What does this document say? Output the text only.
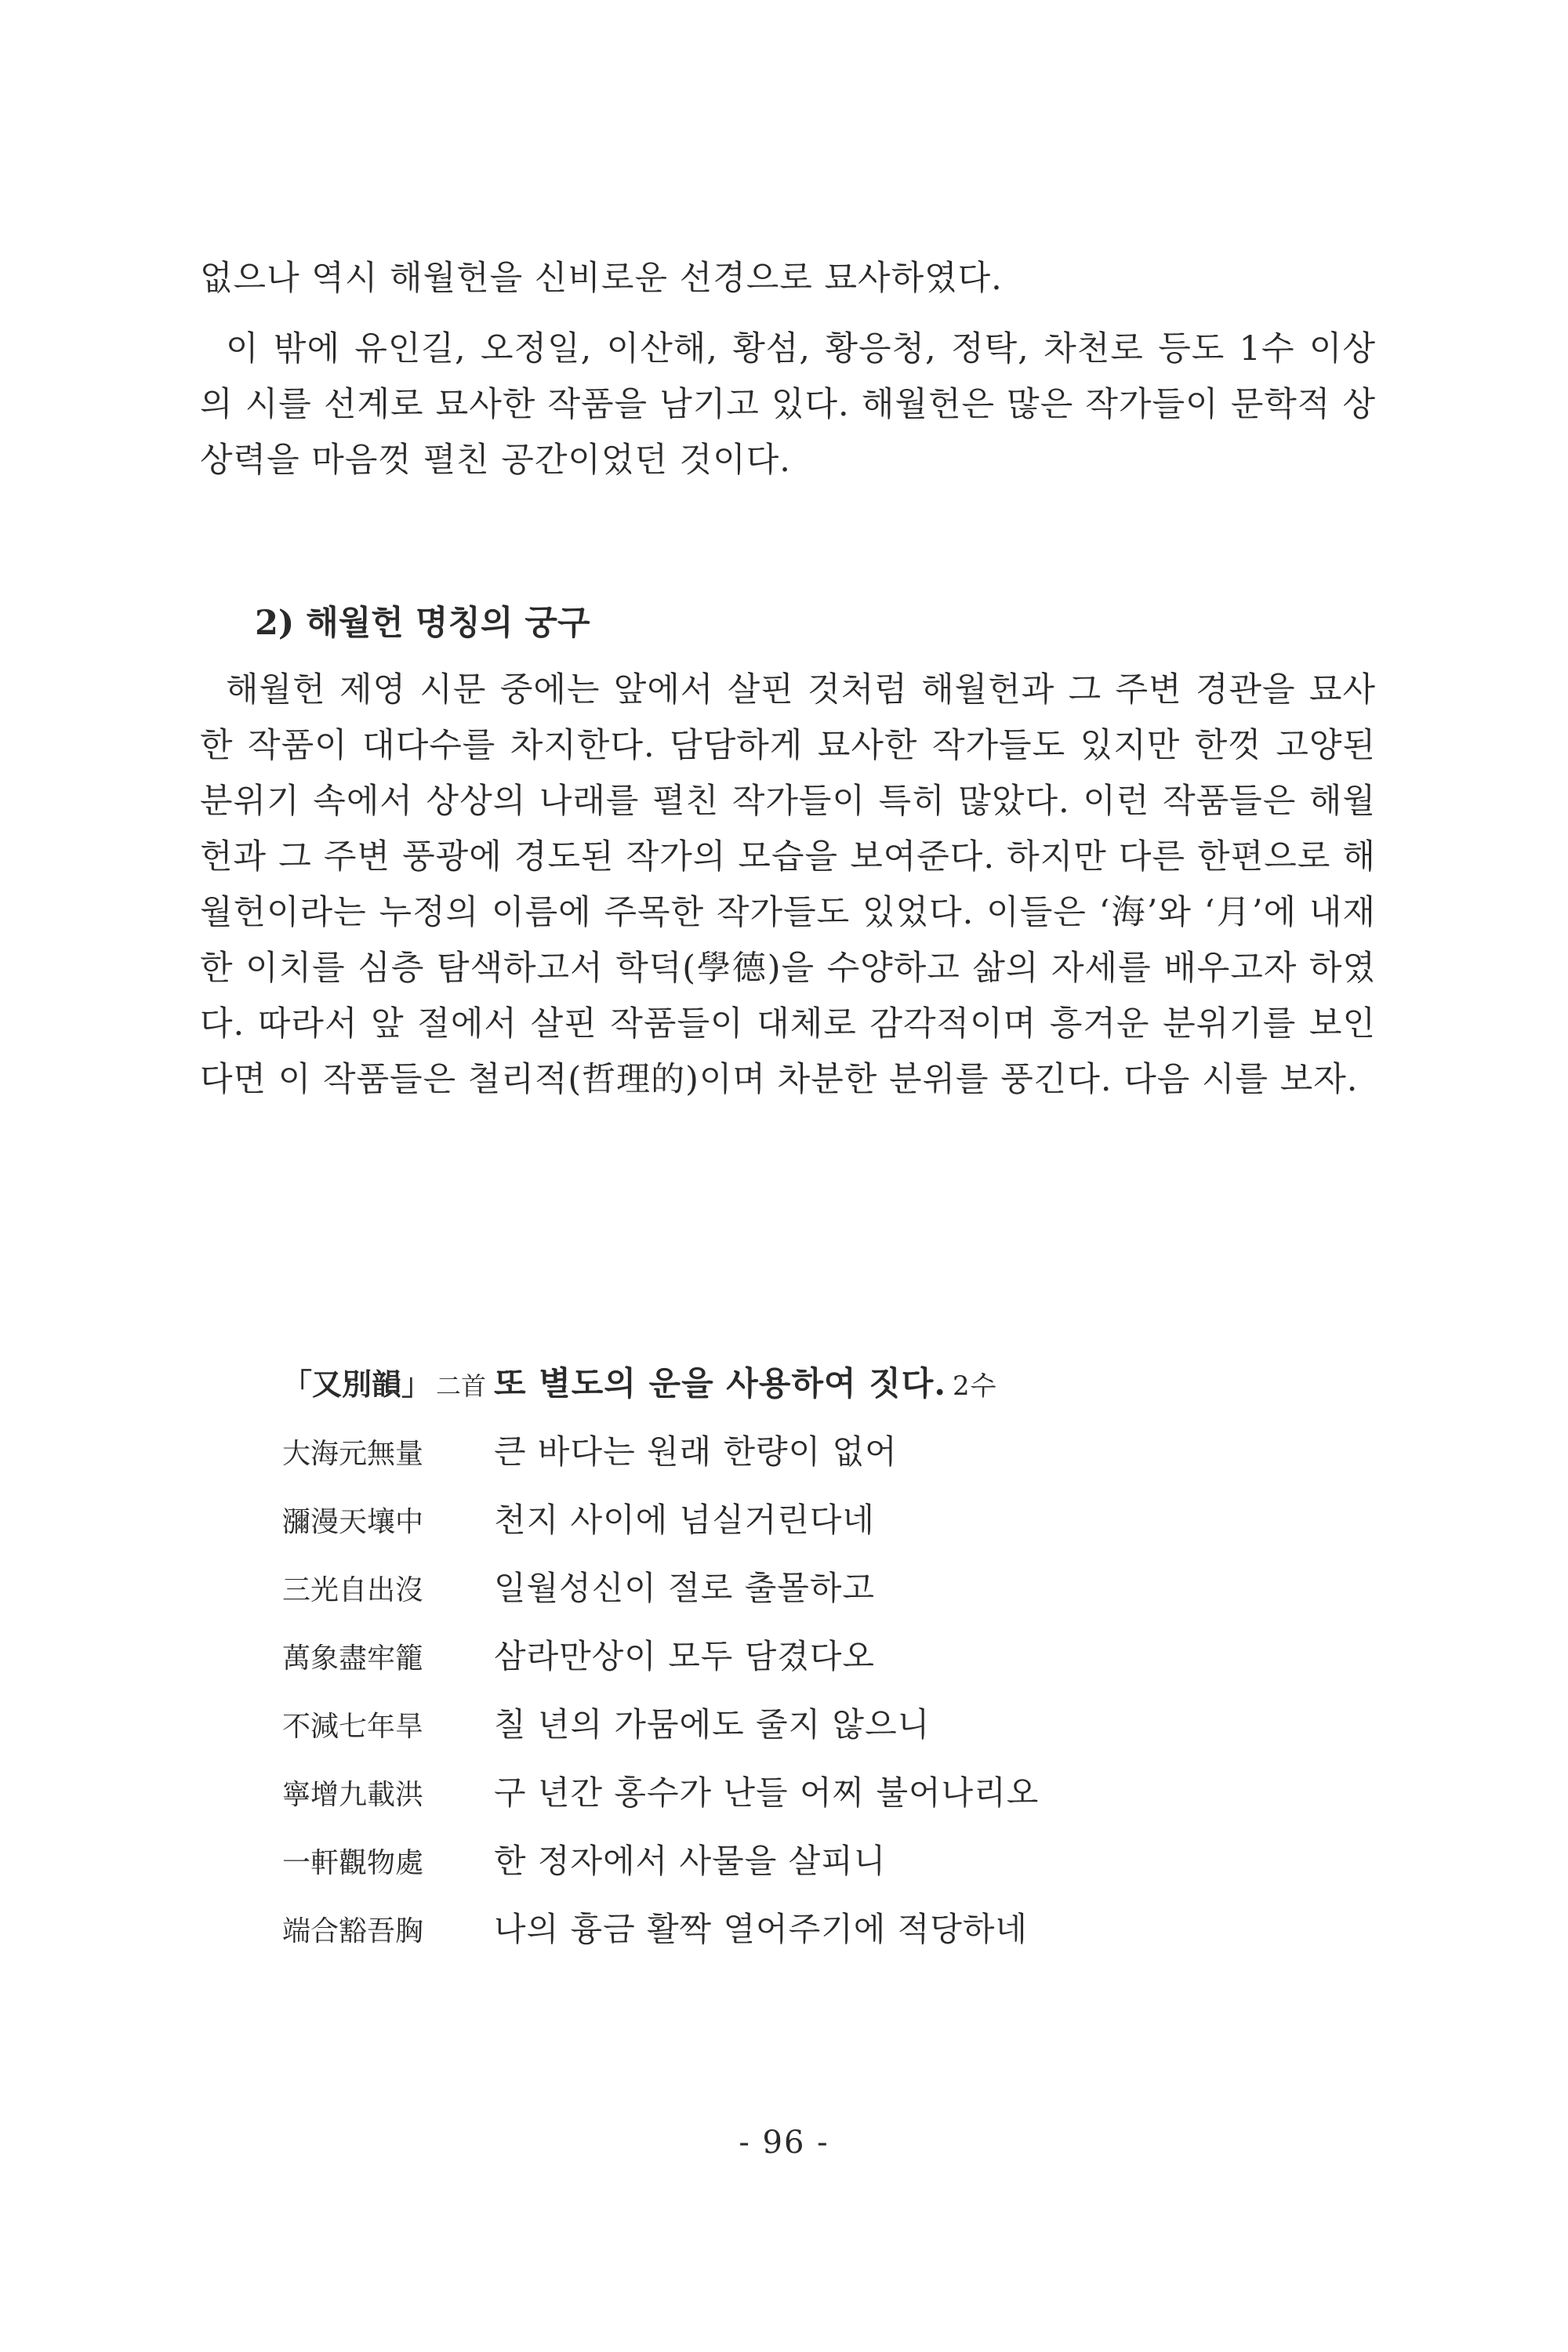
없으나 역시 해월헌을 신비로운 선경으로 묘사하였다.

이 밖에 유인길, 오정일, 이산해, 황섬, 황응청, 정탁, 차천로 등도 1수 이상의 시를 선계로 묘사한 작품을 남기고 있다. 해월헌은 많은 작가들이 문학적 상상력을 마음껏 펼친 공간이었던 것이다.

2) 해월헌 명칭의 궁구

해월헌 제영 시문 중에는 앞에서 살핀 것처럼 해월헌과 그 주변 경관을 묘사한 작품이 대다수를 차지한다. 담담하게 묘사한 작가들도 있지만 한껏 고양된 분위기 속에서 상상의 나래를 펼친 작가들이 특히 많았다. 이런 작품들은 해월헌과 그 주변 풍광에 경도된 작가의 모습을 보여준다. 하지만 다른 한편으로 해월헌이라는 누정의 이름에 주목한 작가들도 있었다. 이들은 ‘海’와 ‘月’에 내재한 이치를 심층 탐색하고서 학덕(學德)을 수양하고 삶의 자세를 배우고자 하였다. 따라서 앞 절에서 살핀 작품들이 대체로 감각적이며 흥겨운 분위기를 보인다면 이 작품들은 철리적(哲理的)이며 차분한 분위를 풍긴다. 다음 시를 보자.

「又別韻」 二首 또 별도의 운을 사용하여 짓다. 2수
大海元無量	큰 바다는 원래 한량이 없어
瀰漫天壤中	천지 사이에 넘실거린다네
三光自出沒	일월성신이 절로 출몰하고
萬象盡牢籠	삼라만상이 모두 담겼다오
不減七年旱	칠 년의 가뭄에도 줄지 않으니
寧增九載洪	구 년간 홍수가 난들 어찌 불어나리오
一軒觀物處	한 정자에서 사물을 살피니
端合豁吾胸	나의 흉금 활짝 열어주기에 적당하네
- 96 -
